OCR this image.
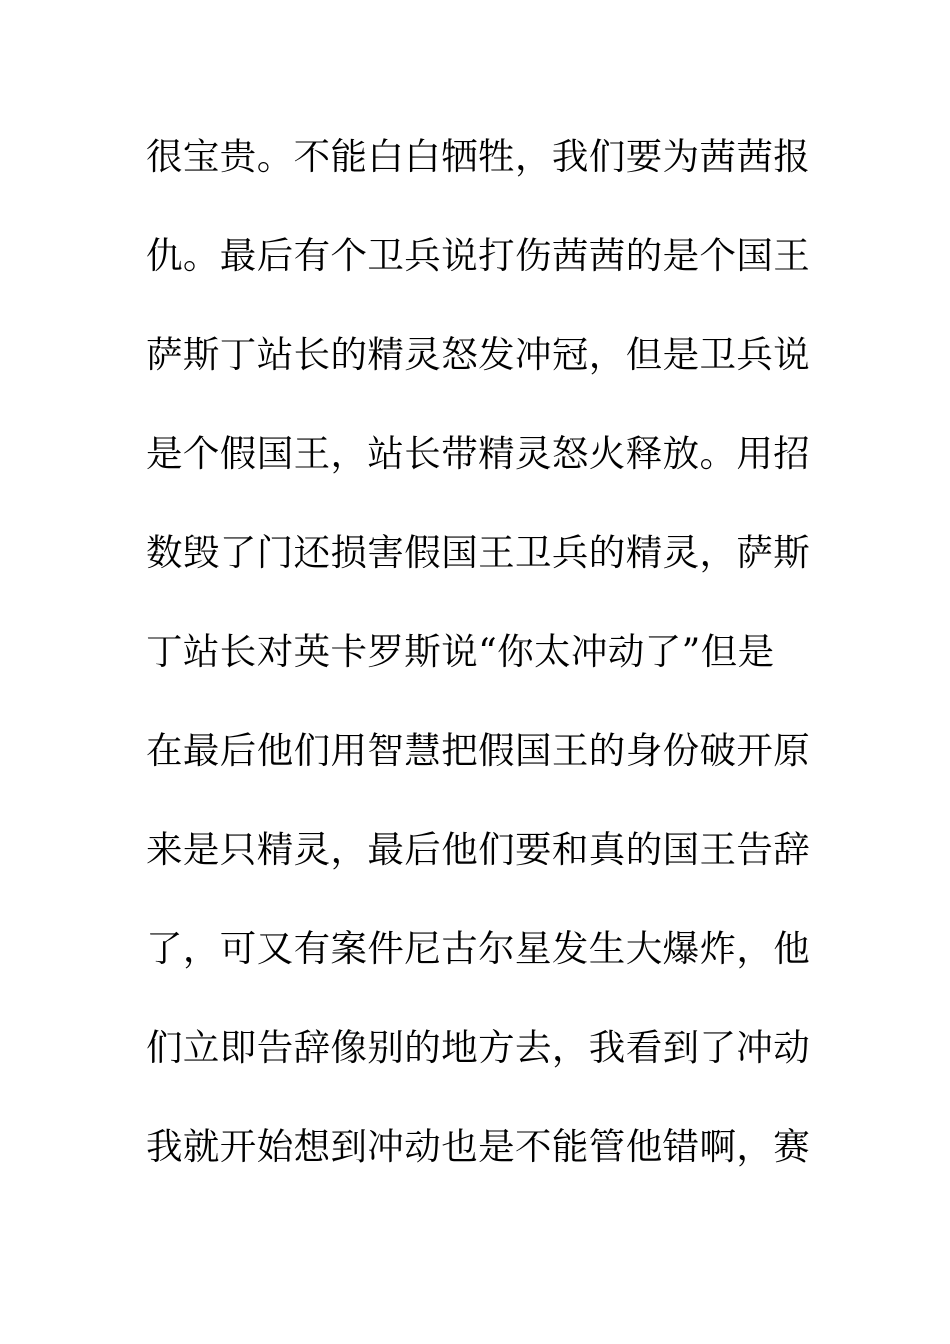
很宝贵。不能白白牺牲，我们要为茜茜报
仇。最后有个卫兵说打伤茜茜的是个国王
萨斯丁站长的精灵怒发冲冠，但是卫兵说
是个假国王，站长带精灵怒火释放。用招
数毁了门还损害假国王卫兵的精灵，萨斯
丁站长对英卡罗斯说“你太冲动了”但是
在最后他们用智慧把假国王的身份破开原
来是只精灵，最后他们要和真的国王告辞
了，可又有案件尼古尔星发生大爆炸，他
们立即告辞像别的地方去，我看到了冲动
我就开始想到冲动也是不能管他错啊，赛
